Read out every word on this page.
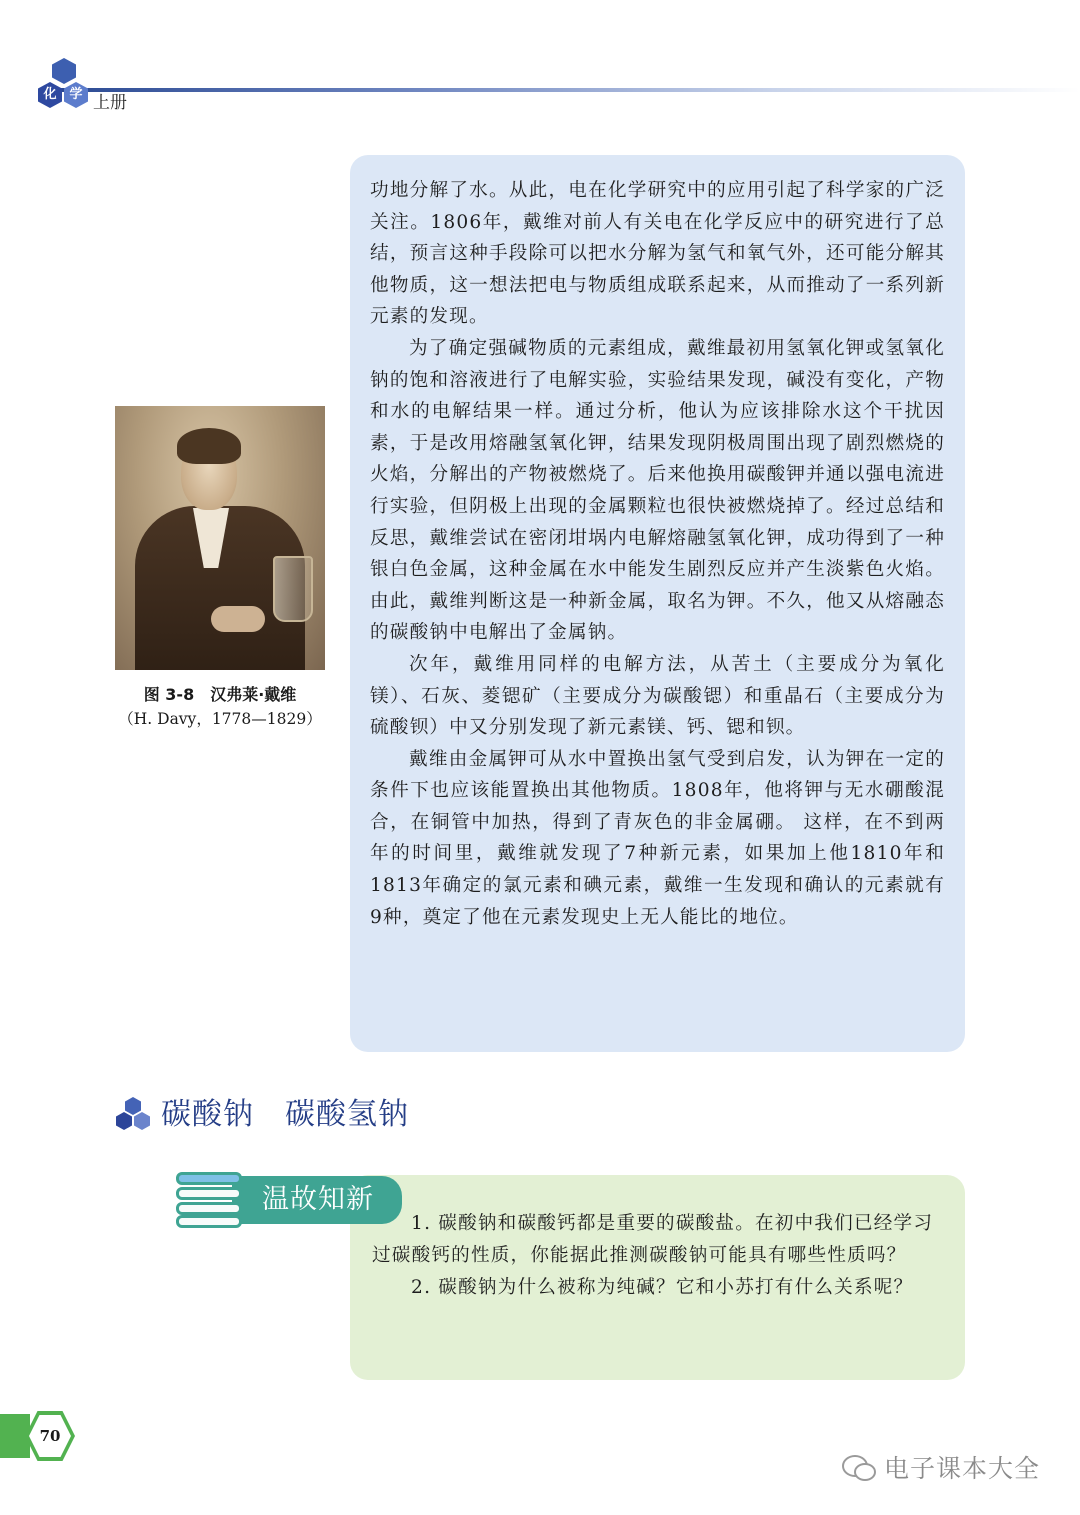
化 学 上册

功地分解了水。从此，电在化学研究中的应用引起了科学家的广泛关注。1806年，戴维对前人有关电在化学反应中的研究进行了总结，预言这种手段除可以把水分解为氢气和氧气外，还可能分解其他物质，这一想法把电与物质组成联系起来，从而推动了一系列新元素的发现。

为了确定强碱物质的元素组成，戴维最初用氢氧化钾或氢氧化钠的饱和溶液进行了电解实验，实验结果发现，碱没有变化，产物和水的电解结果一样。通过分析，他认为应该排除水这个干扰因素，于是改用熔融氢氧化钾，结果发现阴极周围出现了剧烈燃烧的火焰，分解出的产物被燃烧了。后来他换用碳酸钾并通以强电流进行实验，但阴极上出现的金属颗粒也很快被燃烧掉了。经过总结和反思，戴维尝试在密闭坩埚内电解熔融氢氧化钾，成功得到了一种银白色金属，这种金属在水中能发生剧烈反应并产生淡紫色火焰。由此，戴维判断这是一种新金属，取名为钾。不久，他又从熔融态的碳酸钠中电解出了金属钠。

次年，戴维用同样的电解方法，从苦土（主要成分为氧化镁）、石灰、菱锶矿（主要成分为碳酸锶）和重晶石（主要成分为硫酸钡）中又分别发现了新元素镁、钙、锶和钡。

戴维由金属钾可从水中置换出氢气受到启发，认为钾在一定的条件下也应该能置换出其他物质。1808年，他将钾与无水硼酸混合，在铜管中加热，得到了青灰色的非金属硼。 这样，在不到两年的时间里，戴维就发现了7种新元素，如果加上他1810年和1813年确定的氯元素和碘元素，戴维一生发现和确认的元素就有9种，奠定了他在元素发现史上无人能比的地位。

图 3-8　汉弗莱·戴维
（H. Davy，1778—1829）
碳酸钠　碳酸氢钠

1. 碳酸钠和碳酸钙都是重要的碳酸盐。在初中我们已经学习过碳酸钙的性质，你能据此推测碳酸钠可能具有哪些性质吗？

2. 碳酸钠为什么被称为纯碱？它和小苏打有什么关系呢？

温故知新
70
电子课本大全
